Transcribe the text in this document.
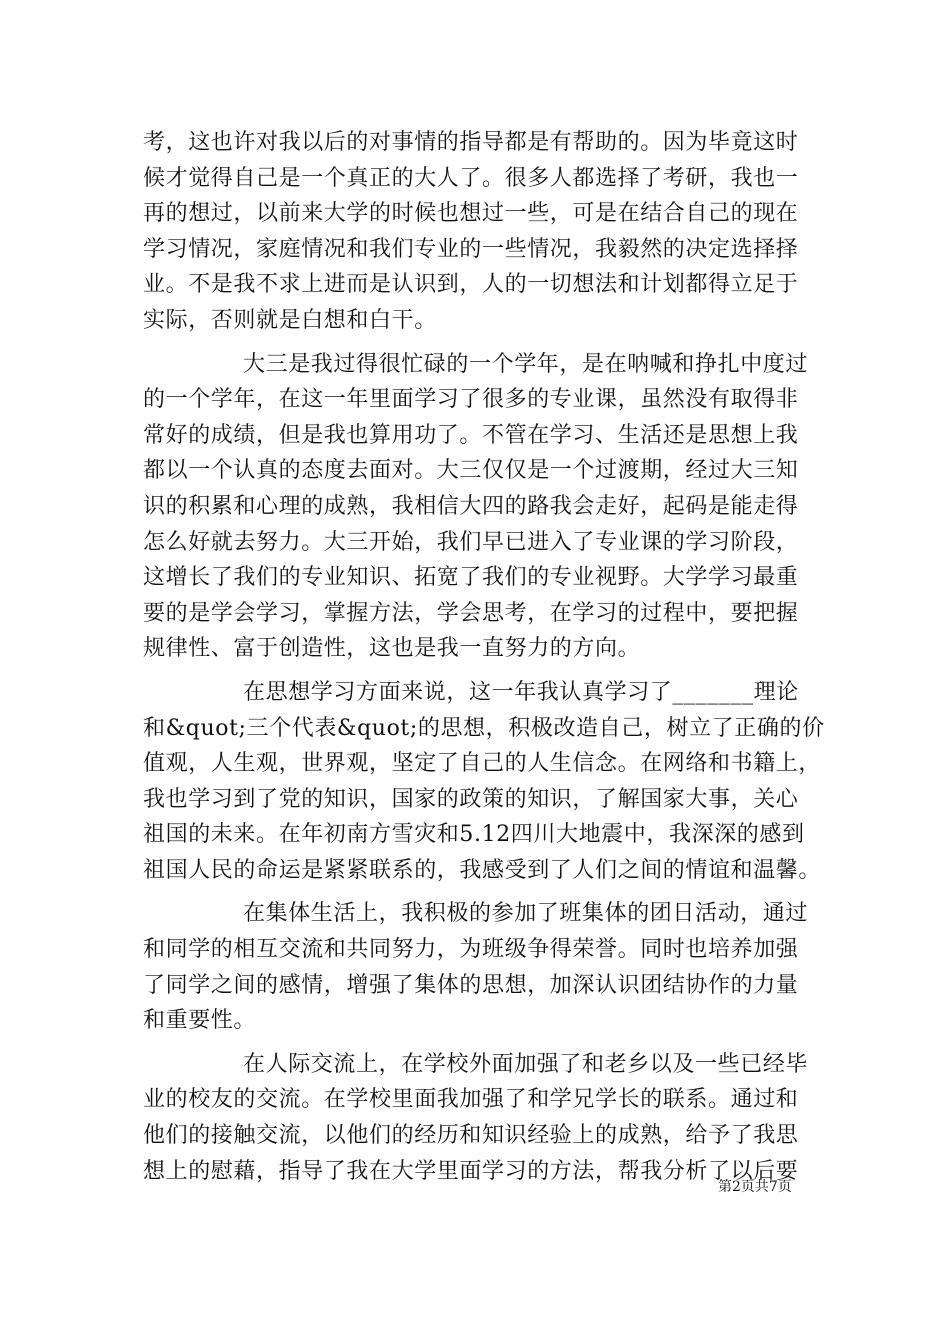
考，这也许对我以后的对事情的指导都是有帮助的。因为毕竟这时
候才觉得自己是一个真正的大人了。很多人都选择了考研，我也一
再的想过，以前来大学的时候也想过一些，可是在结合自己的现在
学习情况，家庭情况和我们专业的一些情况，我毅然的决定选择择
业。不是我不求上进而是认识到，人的一切想法和计划都得立足于
实际，否则就是白想和白干。
大三是我过得很忙碌的一个学年，是在呐喊和挣扎中度过
的一个学年，在这一年里面学习了很多的专业课，虽然没有取得非
常好的成绩，但是我也算用功了。不管在学习、生活还是思想上我
都以一个认真的态度去面对。大三仅仅是一个过渡期，经过大三知
识的积累和心理的成熟，我相信大四的路我会走好，起码是能走得
怎么好就去努力。大三开始，我们早已进入了专业课的学习阶段，
这增长了我们的专业知识、拓宽了我们的专业视野。大学学习最重
要的是学会学习，掌握方法，学会思考，在学习的过程中，要把握
规律性、富于创造性，这也是我一直努力的方向。
在思想学习方面来说，这一年我认真学习了_______理论
和&quot;三个代表&quot;的思想，积极改造自己，树立了正确的价
值观，人生观，世界观，坚定了自己的人生信念。在网络和书籍上，
我也学习到了党的知识，国家的政策的知识，了解国家大事，关心
祖国的未来。在年初南方雪灾和5.12四川大地震中，我深深的感到
祖国人民的命运是紧紧联系的，我感受到了人们之间的情谊和温馨。
在集体生活上，我积极的参加了班集体的团日活动，通过
和同学的相互交流和共同努力，为班级争得荣誉。同时也培养加强
了同学之间的感情，增强了集体的思想，加深认识团结协作的力量
和重要性。
在人际交流上，在学校外面加强了和老乡以及一些已经毕
业的校友的交流。在学校里面我加强了和学兄学长的联系。通过和
他们的接触交流，以他们的经历和知识经验上的成熟，给予了我思
想上的慰藉，指导了我在大学里面学习的方法，帮我分析了以后要
第2页共7页
